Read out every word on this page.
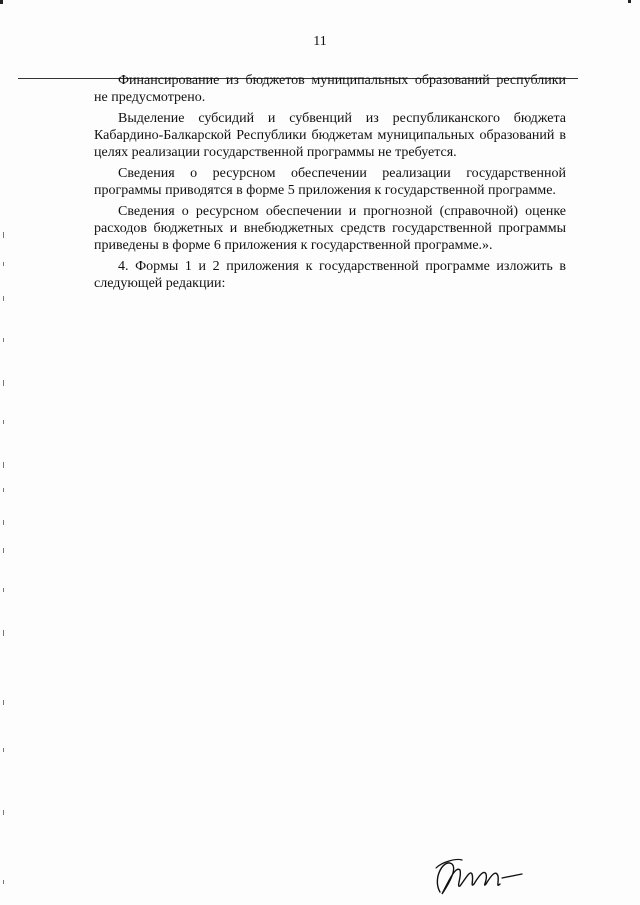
11

Финансирование из бюджетов муниципальных образований республики не предусмотрено.

Выделение субсидий и субвенций из республиканского бюджета Кабардино-Балкарской Республики бюджетам муниципальных образований в целях реализации государственной программы не требуется.

Сведения о ресурсном обеспечении реализации государственной программы приводятся в форме 5 приложения к государственной программе.

Сведения о ресурсном обеспечении и прогнозной (справочной) оценке расходов бюджетных и внебюджетных средств государственной программы приведены в форме 6 приложения к государственной программе.».

4. Формы 1 и 2 приложения к государственной программе изложить в следующей редакции:
